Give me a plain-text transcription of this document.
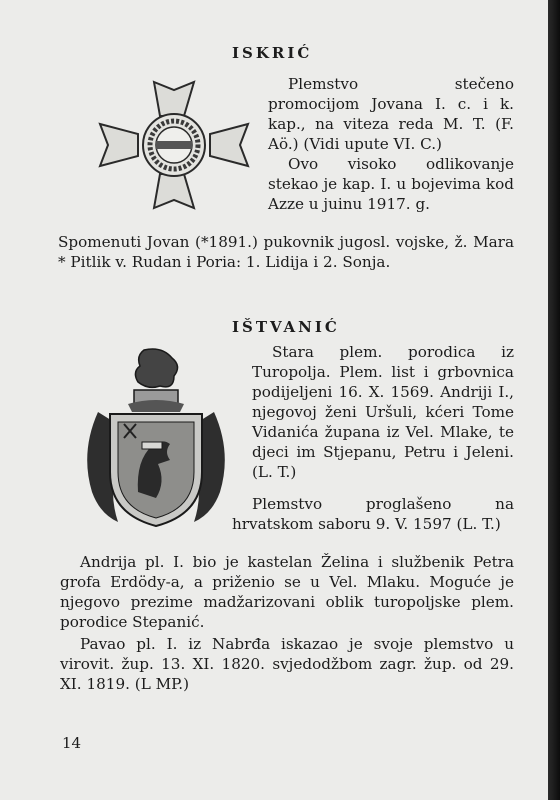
ISKRIĆ
Plemstvo stečeno promocijom Jovana I. c. i k. kap., na viteza reda M. T. (F. Aö.) (Vidi upute VI. C.)
Ovo visoko odlikovanje stekao je kap. I. u bojevima kod Azze u juinu 1917. g.
Spomenuti Jovan (*1891.) pukovnik jugosl. vojske, ž. Mara * Pitlik v. Rudan i Poria: 1. Lidija i 2. Sonja.
IŠTVANIĆ
Stara plem. porodica iz Turopolja. Plem. list i grbovnica podijeljeni 16. X. 1569. Andriji I., njegovoj ženi Uršuli, kćeri Tome Vidanića župana iz Vel. Mlake, te djeci im Stjepanu, Petru i Jeleni. (L. T.)
Plemstvo proglašeno na hrvatskom saboru 9. V. 1597 (L. T.)
Andrija pl. I. bio je kastelan Želina i službenik Petra grofa Erdödy-a, a priženio se u Vel. Mlaku. Moguće je njegovo prezime madžarizovani oblik turopoljske plem. porodice Stepanić.
Pavao pl. I. iz Nabrđa iskazao je svoje plemstvo u virovit. žup. 13. XI. 1820. svjedodžbom zagr. žup. od 29. XI. 1819. (L MP.)
14
